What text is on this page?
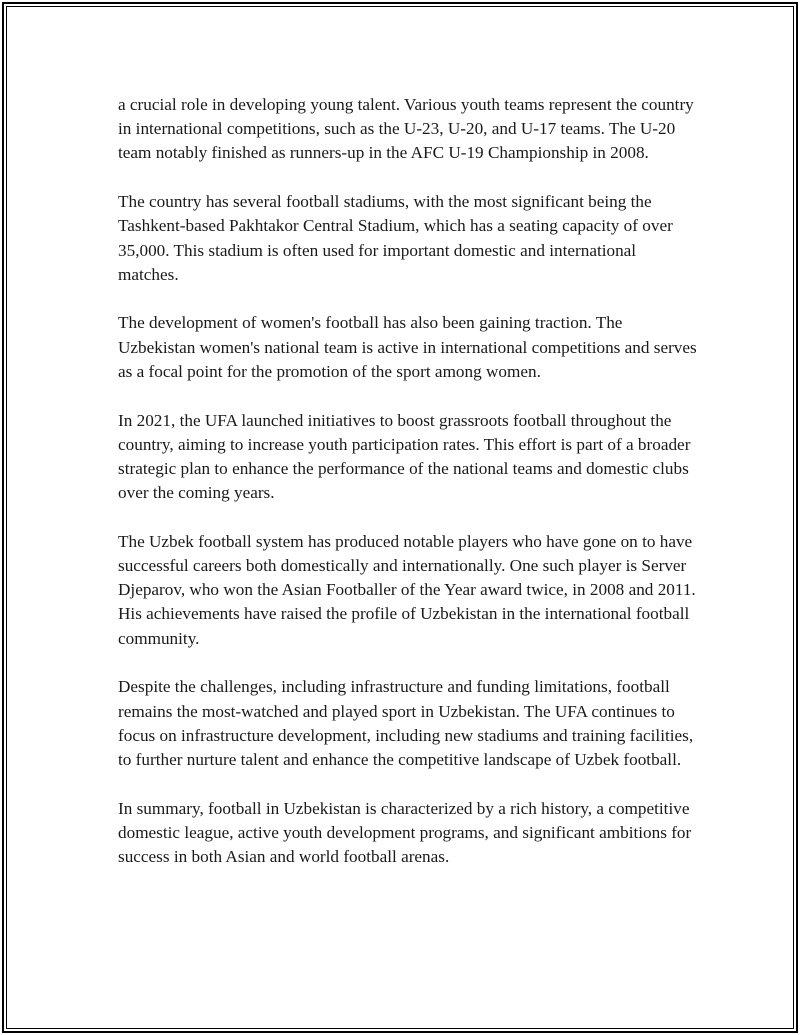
a crucial role in developing young talent. Various youth teams represent the country in international competitions, such as the U-23, U-20, and U-17 teams. The U-20 team notably finished as runners-up in the AFC U-19 Championship in 2008.

The country has several football stadiums, with the most significant being the Tashkent-based Pakhtakor Central Stadium, which has a seating capacity of over 35,000. This stadium is often used for important domestic and international matches.

The development of women's football has also been gaining traction. The Uzbekistan women's national team is active in international competitions and serves as a focal point for the promotion of the sport among women.

In 2021, the UFA launched initiatives to boost grassroots football throughout the country, aiming to increase youth participation rates. This effort is part of a broader strategic plan to enhance the performance of the national teams and domestic clubs over the coming years.

The Uzbek football system has produced notable players who have gone on to have successful careers both domestically and internationally. One such player is Server Djeparov, who won the Asian Footballer of the Year award twice, in 2008 and 2011. His achievements have raised the profile of Uzbekistan in the international football community.

Despite the challenges, including infrastructure and funding limitations, football remains the most-watched and played sport in Uzbekistan. The UFA continues to focus on infrastructure development, including new stadiums and training facilities, to further nurture talent and enhance the competitive landscape of Uzbek football.

In summary, football in Uzbekistan is characterized by a rich history, a competitive domestic league, active youth development programs, and significant ambitions for success in both Asian and world football arenas.
